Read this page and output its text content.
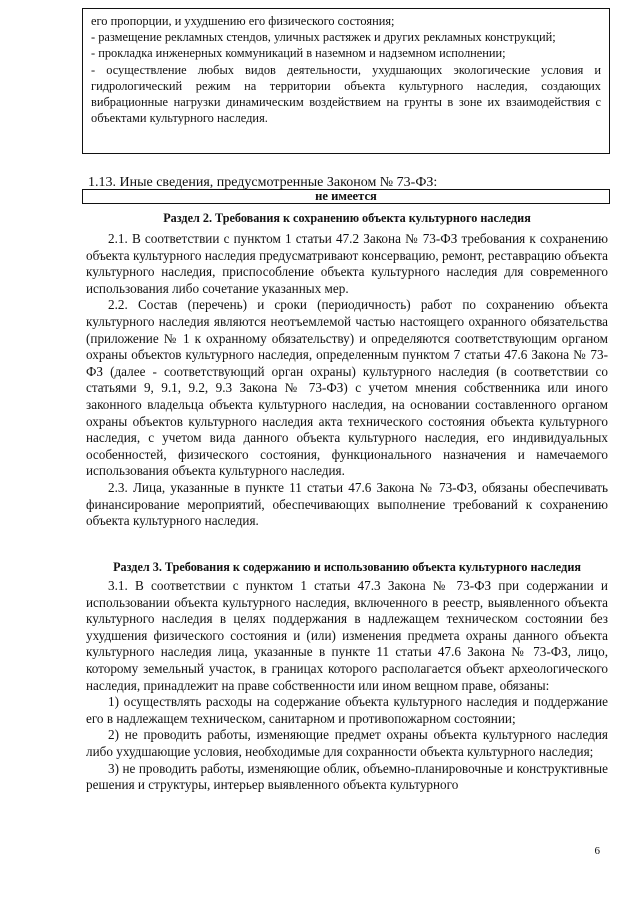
его пропорции, и ухудшению его физического состояния;

- размещение рекламных стендов, уличных растяжек и других рекламных конструкций;

- прокладка инженерных коммуникаций в наземном и надземном исполнении;

- осуществление любых видов деятельности, ухудшающих экологические условия и гидрологический режим на территории объекта культурного наследия, создающих вибрационные нагрузки динамическим воздействием на грунты в зоне их взаимодействия с объектами культурного наследия.

1.13. Иные сведения, предусмотренные Законом № 73-ФЗ:
не имеется
Раздел 2. Требования к сохранению объекта культурного наследия

2.1. В соответствии с пунктом 1 статьи 47.2 Закона № 73-ФЗ требования к сохранению объекта культурного наследия предусматривают консервацию, ремонт, реставрацию объекта культурного наследия, приспособление объекта культурного наследия для современного использования либо сочетание указанных мер.

2.2. Состав (перечень) и сроки (периодичность) работ по сохранению объекта культурного наследия являются неотъемлемой частью настоящего охранного обязательства (приложение № 1 к охранному обязательству) и определяются соответствующим органом охраны объектов культурного наследия, определенным пунктом 7 статьи 47.6 Закона № 73-ФЗ (далее - соответствующий орган охраны) культурного наследия (в соответствии со статьями 9, 9.1, 9.2, 9.3 Закона № 73-ФЗ) с учетом мнения собственника или иного законного владельца объекта культурного наследия, на основании составленного органом охраны объектов культурного наследия акта технического состояния объекта культурного наследия, с учетом вида данного объекта культурного наследия, его индивидуальных особенностей, физического состояния, функционального назначения и намечаемого использования объекта культурного наследия.

2.3. Лица, указанные в пункте 11 статьи 47.6 Закона № 73-ФЗ, обязаны обеспечивать финансирование мероприятий, обеспечивающих выполнение требований к сохранению объекта культурного наследия.

Раздел 3. Требования к содержанию и использованию объекта культурного наследия

3.1. В соответствии с пунктом 1 статьи 47.3 Закона № 73-ФЗ при содержании и использовании объекта культурного наследия, включенного в реестр, выявленного объекта культурного наследия в целях поддержания в надлежащем техническом состоянии без ухудшения физического состояния и (или) изменения предмета охраны данного объекта культурного наследия лица, указанные в пункте 11 статьи 47.6 Закона № 73-ФЗ, лицо, которому земельный участок, в границах которого располагается объект археологического наследия, принадлежит на праве собственности или ином вещном праве, обязаны:

1) осуществлять расходы на содержание объекта культурного наследия и поддержание его в надлежащем техническом, санитарном и противопожарном состоянии;

2) не проводить работы, изменяющие предмет охраны объекта культурного наследия либо ухудшающие условия, необходимые для сохранности объекта культурного наследия;

3) не проводить работы, изменяющие облик, объемно-планировочные и конструктивные решения и структуры, интерьер выявленного объекта культурного

6
